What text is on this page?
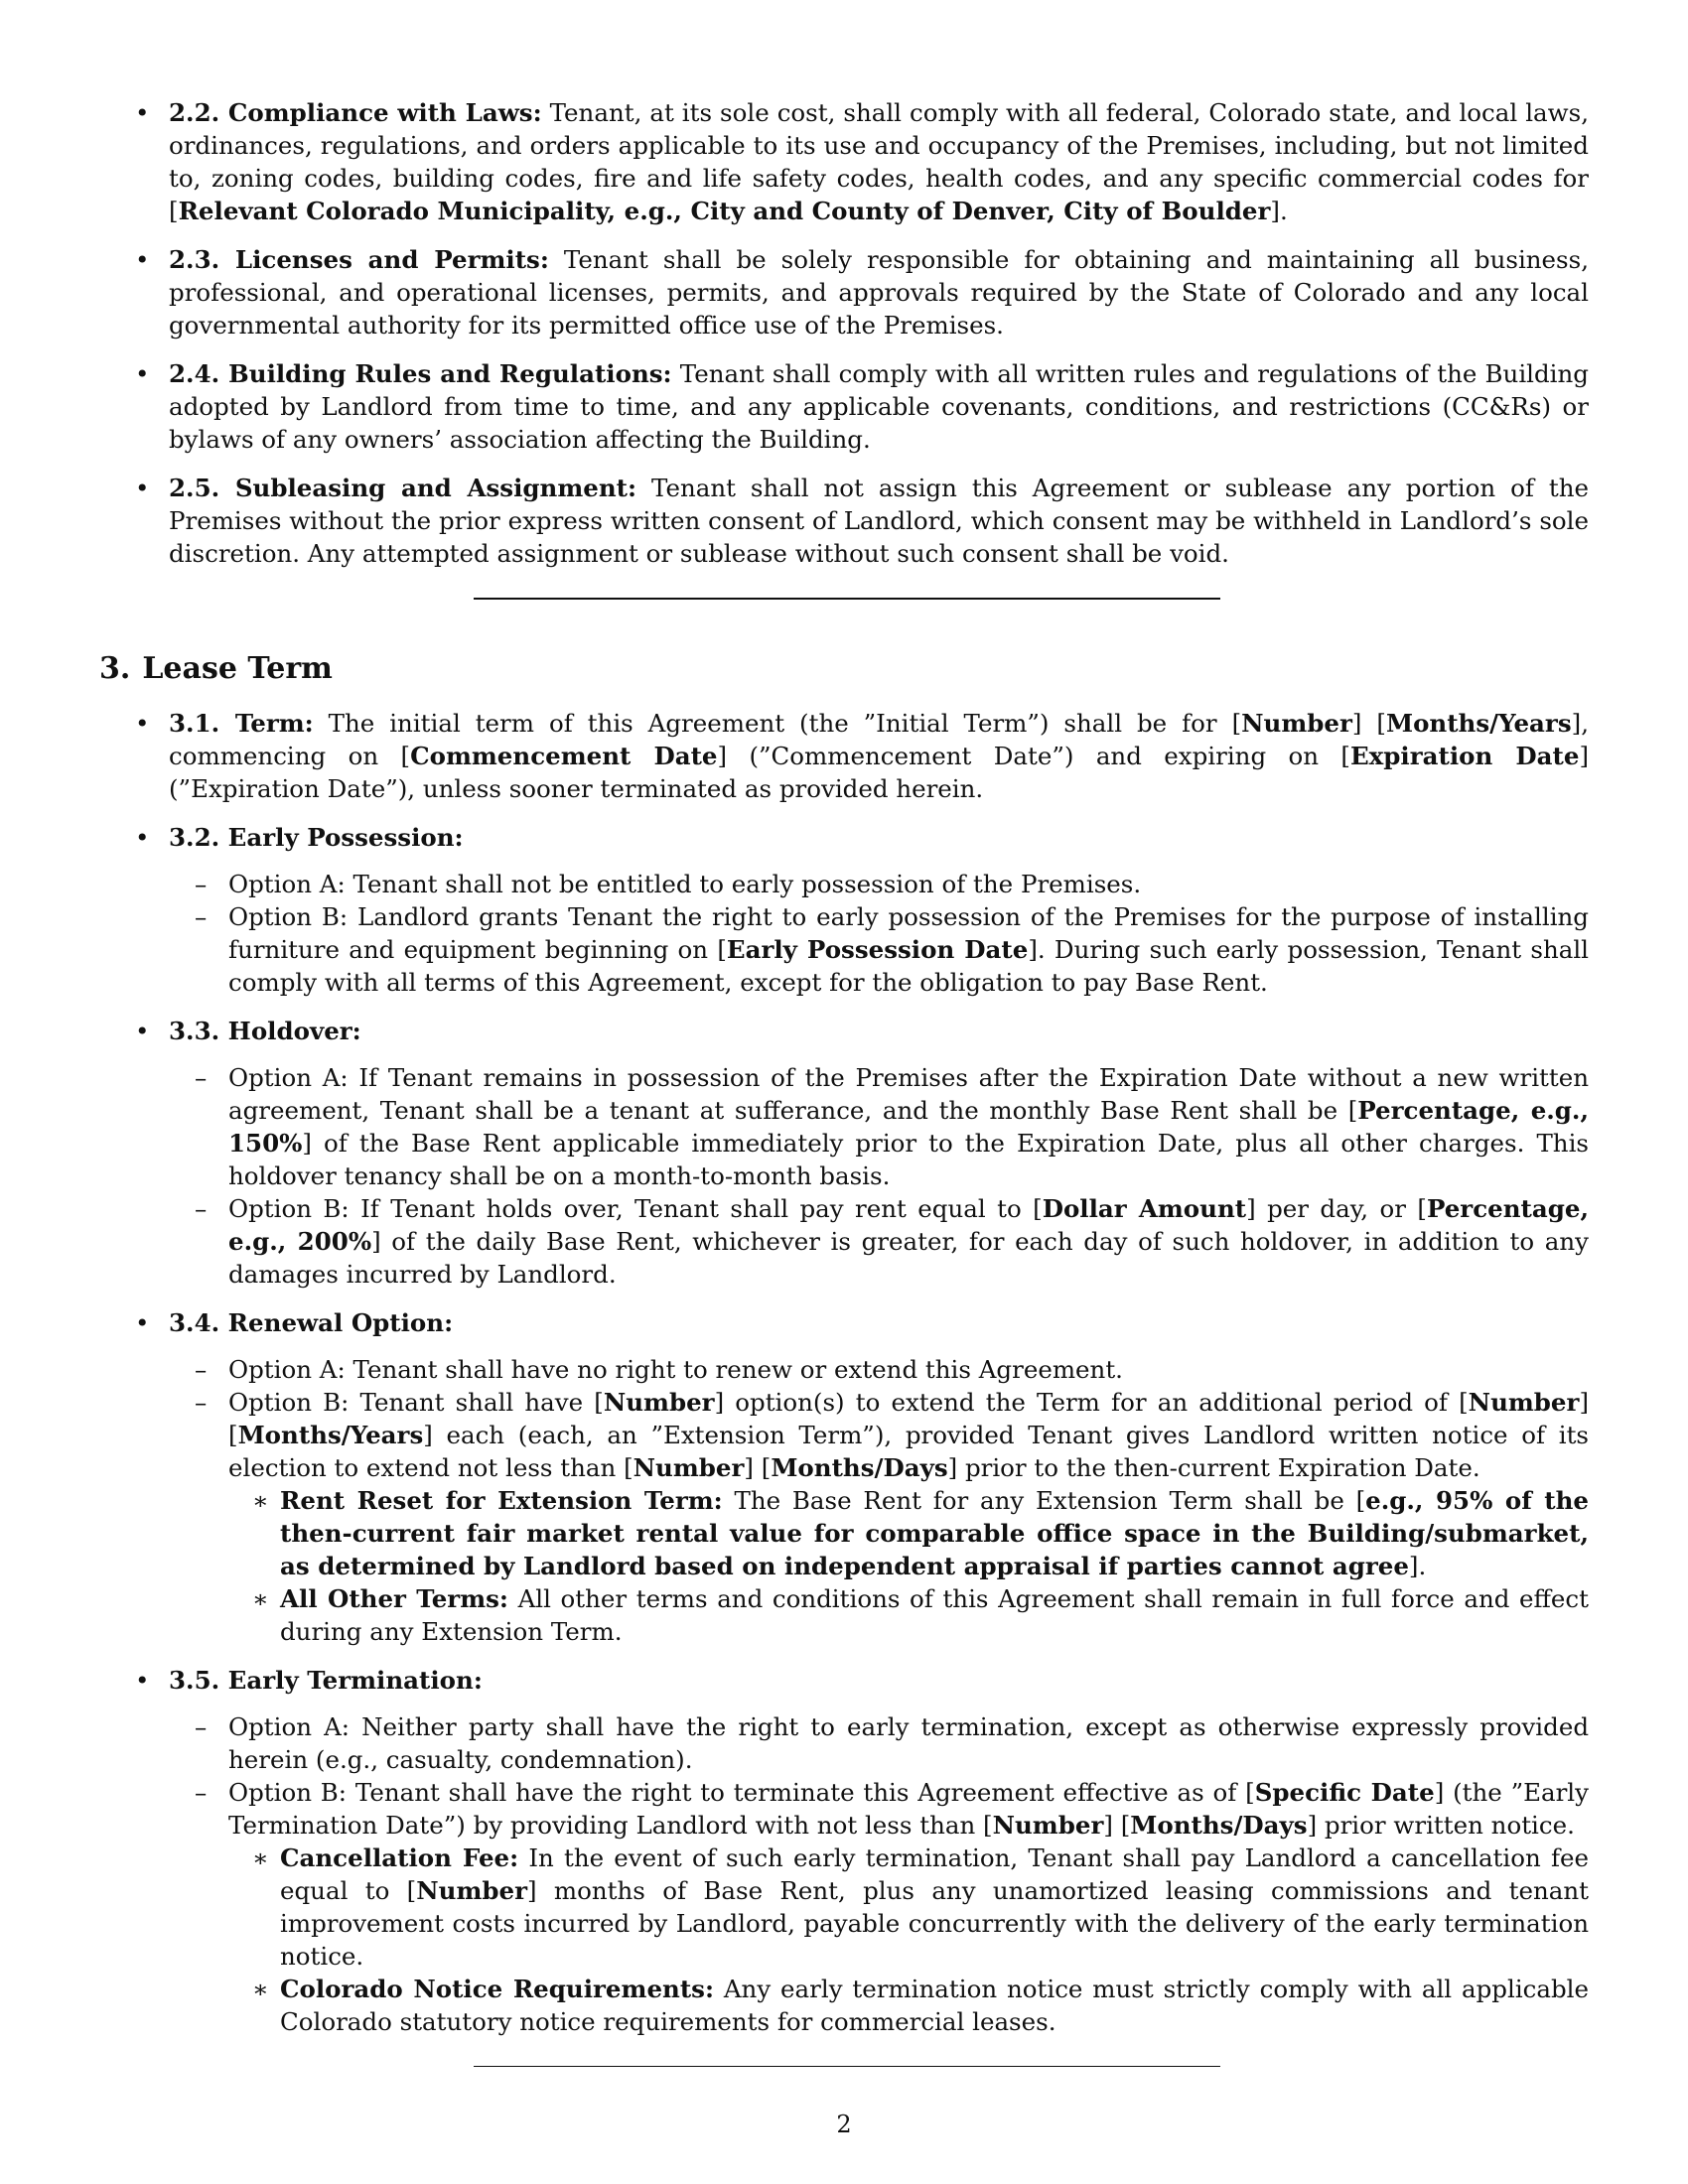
• 2.2. Compliance with Laws: Tenant, at its sole cost, shall comply with all federal, Colorado state, and local laws, ordinances, regulations, and orders applicable to its use and occupancy of the Premises, including, but not limited to, zoning codes, building codes, fire and life safety codes, health codes, and any specific commercial codes for [Relevant Colorado Municipality, e.g., City and County of Denver, City of Boulder].
• 2.3. Licenses and Permits: Tenant shall be solely responsible for obtaining and maintaining all business, professional, and operational licenses, permits, and approvals required by the State of Colorado and any local governmental authority for its permitted office use of the Premises.
• 2.4. Building Rules and Regulations: Tenant shall comply with all written rules and regulations of the Building adopted by Landlord from time to time, and any applicable covenants, conditions, and restrictions (CC&Rs) or bylaws of any owners’ association affecting the Building.
• 2.5. Subleasing and Assignment: Tenant shall not assign this Agreement or sublease any portion of the Premises without the prior express written consent of Landlord, which consent may be withheld in Landlord’s sole discretion. Any attempted assignment or sublease without such consent shall be void.
3. Lease Term
• 3.1. Term: The initial term of this Agreement (the ”Initial Term”) shall be for [Number] [Months/Years], commencing on [Commencement Date] (”Commencement Date”) and expiring on [Expiration Date] (”Expiration Date”), unless sooner terminated as provided herein.
• 3.2. Early Possession:
– Option A: Tenant shall not be entitled to early possession of the Premises.
– Option B: Landlord grants Tenant the right to early possession of the Premises for the purpose of installing furniture and equipment beginning on [Early Possession Date]. During such early possession, Tenant shall comply with all terms of this Agreement, except for the obligation to pay Base Rent.
• 3.3. Holdover:
– Option A: If Tenant remains in possession of the Premises after the Expiration Date without a new written agreement, Tenant shall be a tenant at sufferance, and the monthly Base Rent shall be [Percentage, e.g., 150%] of the Base Rent applicable immediately prior to the Expiration Date, plus all other charges. This holdover tenancy shall be on a month-to-month basis.
– Option B: If Tenant holds over, Tenant shall pay rent equal to [Dollar Amount] per day, or [Percentage, e.g., 200%] of the daily Base Rent, whichever is greater, for each day of such holdover, in addition to any damages incurred by Landlord.
• 3.4. Renewal Option:
– Option A: Tenant shall have no right to renew or extend this Agreement.
– Option B: Tenant shall have [Number] option(s) to extend the Term for an additional period of [Number] [Months/Years] each (each, an ”Extension Term”), provided Tenant gives Landlord written notice of its election to extend not less than [Number] [Months/Days] prior to the then-current Expiration Date.
∗ Rent Reset for Extension Term: The Base Rent for any Extension Term shall be [e.g., 95% of the then-current fair market rental value for comparable office space in the Building/submarket, as determined by Landlord based on independent appraisal if parties cannot agree].
∗ All Other Terms: All other terms and conditions of this Agreement shall remain in full force and effect during any Extension Term.
• 3.5. Early Termination:
– Option A: Neither party shall have the right to early termination, except as otherwise expressly provided herein (e.g., casualty, condemnation).
– Option B: Tenant shall have the right to terminate this Agreement effective as of [Specific Date] (the ”Early Termination Date”) by providing Landlord with not less than [Number] [Months/Days] prior written notice.
∗ Cancellation Fee: In the event of such early termination, Tenant shall pay Landlord a cancellation fee equal to [Number] months of Base Rent, plus any unamortized leasing commissions and tenant improvement costs incurred by Landlord, payable concurrently with the delivery of the early termination notice.
∗ Colorado Notice Requirements: Any early termination notice must strictly comply with all applicable Colorado statutory notice requirements for commercial leases.
2
